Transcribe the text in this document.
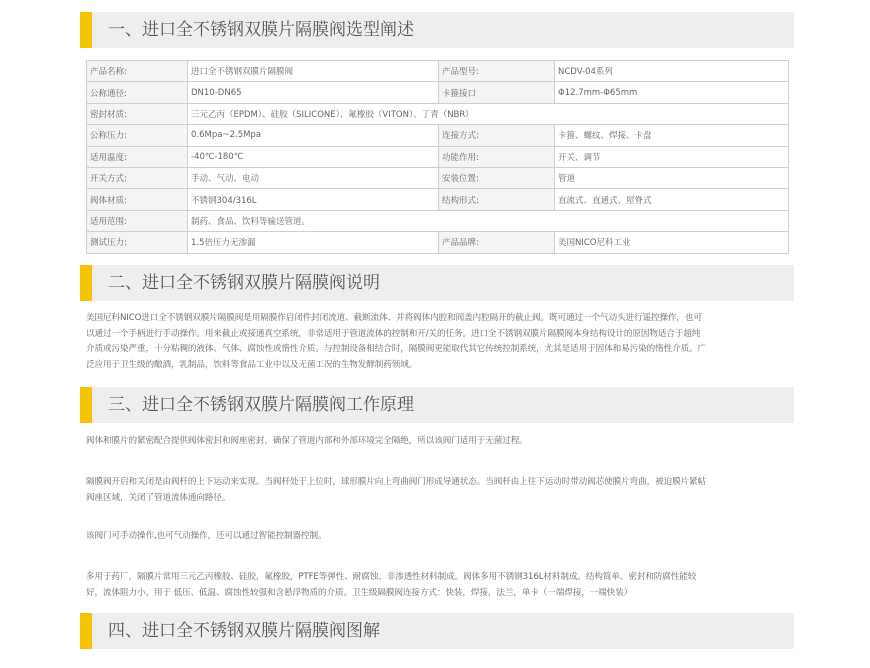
一、进口全不锈钢双膜片隔膜阀选型阐述
产品名称:	进口全不锈钢双膜片隔膜阀	产品型号:	NCDV-04系列
公称通径:	DN10-DN65	卡箍接口	Φ12.7mm-Φ65mm
密封材质:	三元乙丙（EPDM）、硅胶（SILICONE）、氟橡胶（VITON）、丁青（NBR）		
公称压力:	0.6Mpa~2.5Mpa	连接方式:	卡箍、螺纹、焊接、卡盘
适用温度:	-40℃-180℃	功能作用:	开关、调节
开关方式:	手动、气动、电动	安装位置:	管道
阀体材质:	不锈钢304/316L	结构形式:	直流式、直通式、屋脊式
适用范围:	制药、食品、饮料等输送管道。		
测试压力:	1.5倍压力无渗漏	产品品牌:	美国NICO尼科工业
二、进口全不锈钢双膜片隔膜阀说明
美国尼科NICO进口全不锈钢双膜片隔膜阀是用隔膜作启闭件封闭流道、截断流体、并将阀体内腔和阀盖内腔隔开的截止阀。既可通过一个气动头进行遥控操作，也可
以通过一个手柄进行手动操作。用来截止或接通真空系统，非常适用于管道流体的控制和开/关的任务。进口全不锈钢双膜片隔膜阀本身结构设计的原因物适合于超纯
介质或污染严重，十分粘稠的液体、气体、腐蚀性或惰性介质。与控制设备相结合时，隔膜阀更能取代其它传统控制系统，尤其是适用于固体和易污染的惰性介质。广
泛应用于卫生级的酿酒，乳制品，饮料等食品工业中以及无菌工况的生物发酵制药领域。
三、进口全不锈钢双膜片隔膜阀工作原理
阀体和膜片的紧密配合提供阀体密封和阀座密封，确保了管道内部和外部环境完全隔绝，所以该阀门适用于无菌过程。
隔膜阀开启和关闭是由阀杆的上下运动来实现。当阀杆处于上位时，球形膜片向上弯曲阀门形成导通状态。当阀杆由上往下运动时带动阀芯使膜片弯曲，被迫膜片紧帖
阀座区域，关闭了管道流体通向路径。
该阀门可手动操作,也可气动操作，还可以通过智能控制器控制。
多用于药厂，隔膜片常用三元乙丙橡胶、硅胶，氟橡胶，PTFE等弹性、耐腐蚀、非渗透性材料制成。阀体多用不锈钢316L材料制成。结构简单、密封和防腐性能较
好，流体阻力小。用于 低压、低温、腐蚀性较强和含悬浮物质的介质。卫生级隔膜阀连接方式：快装，焊接，法兰，单卡（一端焊接，一端快装）
四、进口全不锈钢双膜片隔膜阀图解
